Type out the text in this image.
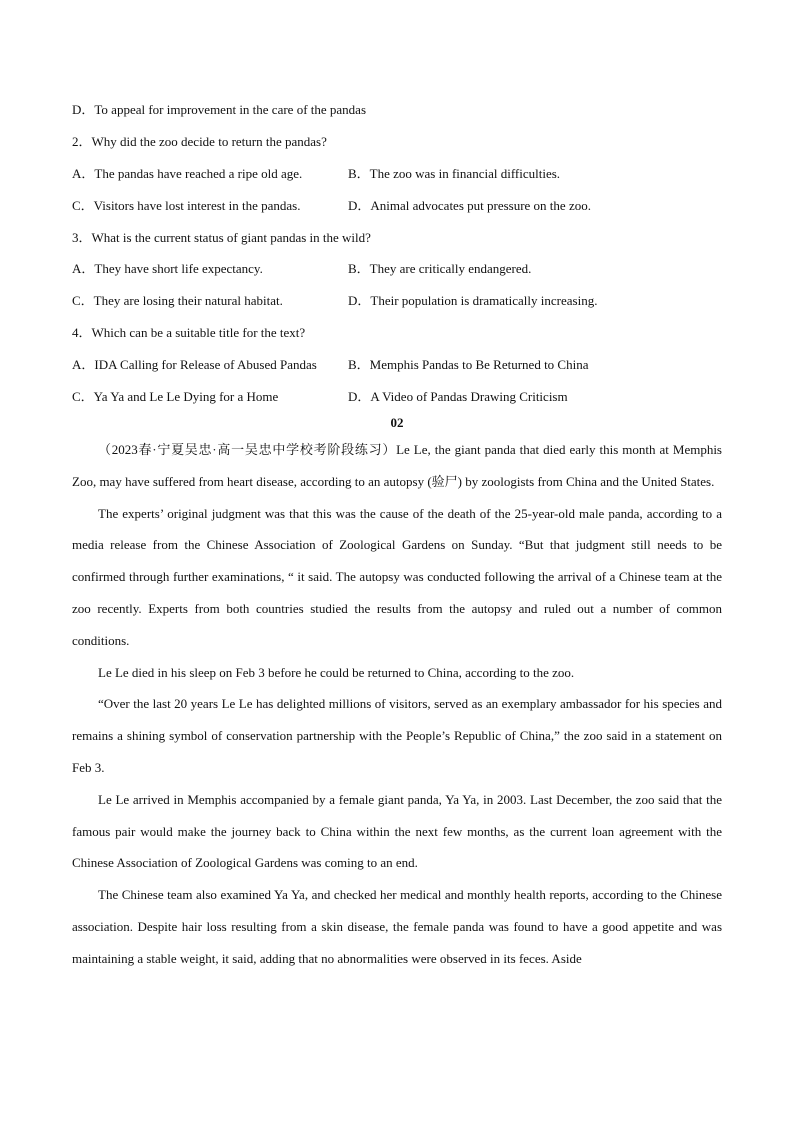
D．To appeal for improvement in the care of the pandas
2．Why did the zoo decide to return the pandas?
A．The pandas have reached a ripe old age.	B．The zoo was in financial difficulties.
C．Visitors have lost interest in the pandas.	D．Animal advocates put pressure on the zoo.
3．What is the current status of giant pandas in the wild?
A．They have short life expectancy.	B．They are critically endangered.
C．They are losing their natural habitat.	D．Their population is dramatically increasing.
4．Which can be a suitable title for the text?
A．IDA Calling for Release of Abused Pandas B．Memphis Pandas to Be Returned to China
C．Ya Ya and Le Le Dying for a Home	D．A Video of Pandas Drawing Criticism
02

（2023春·宁夏吴忠·高一吴忠中学校考阶段练习）Le Le, the giant panda that died early this month at Memphis Zoo, may have suffered from heart disease, according to an autopsy (验尸) by zoologists from China and the United States.

The experts’ original judgment was that this was the cause of the death of the 25-year-old male panda, according to a media release from the Chinese Association of Zoological Gardens on Sunday. “But that judgment still needs to be confirmed through further examinations, “ it said. The autopsy was conducted following the arrival of a Chinese team at the zoo recently. Experts from both countries studied the results from the autopsy and ruled out a number of common conditions.

Le Le died in his sleep on Feb 3 before he could be returned to China, according to the zoo.

“Over the last 20 years Le Le has delighted millions of visitors, served as an exemplary ambassador for his species and remains a shining symbol of conservation partnership with the People’s Republic of China,” the zoo said in a statement on Feb 3.

Le Le arrived in Memphis accompanied by a female giant panda, Ya Ya, in 2003. Last December, the zoo said that the famous pair would make the journey back to China within the next few months, as the current loan agreement with the Chinese Association of Zoological Gardens was coming to an end.

The Chinese team also examined Ya Ya, and checked her medical and monthly health reports, according to the Chinese association. Despite hair loss resulting from a skin disease, the female panda was found to have a good appetite and was maintaining a stable weight, it said, adding that no abnormalities were observed in its feces. Aside
